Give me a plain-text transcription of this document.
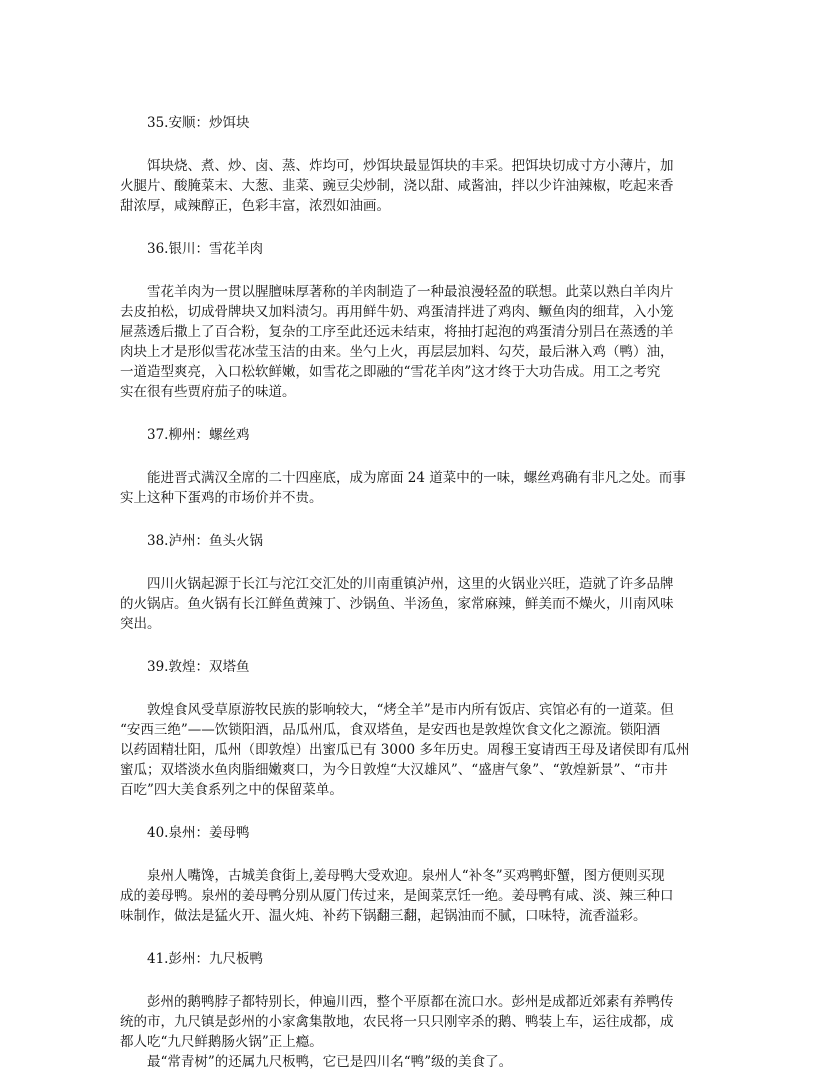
35.安顺：炒饵块
饵块烧、煮、炒、卤、蒸、炸均可，炒饵块最显饵块的丰采。把饵块切成寸方小薄片，加
火腿片、酸腌菜末、大葱、韭菜、豌豆尖炒制，浇以甜、咸酱油，拌以少许油辣椒，吃起来香
甜浓厚，咸辣醇正，色彩丰富，浓烈如油画。
36.银川：雪花羊肉
雪花羊肉为一贯以腥膻味厚著称的羊肉制造了一种最浪漫轻盈的联想。此菜以熟白羊肉片
去皮拍松，切成骨牌块又加料渍匀。再用鲜牛奶、鸡蛋清拌进了鸡肉、鳜鱼肉的细茸，入小笼
屉蒸透后撒上了百合粉，复杂的工序至此还远未结束，将抽打起泡的鸡蛋清分别吕在蒸透的羊
肉块上才是形似雪花冰莹玉洁的由来。坐勺上火，再层层加料、勾芡，最后淋入鸡（鸭）油，
一道造型爽亮，入口松软鲜嫩，如雪花之即融的“雪花羊肉”这才终于大功告成。用工之考究
实在很有些贾府茄子的味道。
37.柳州：螺丝鸡
能进晋式满汉全席的二十四座底，成为席面 24 道菜中的一味，螺丝鸡确有非凡之处。而事
实上这种下蛋鸡的市场价并不贵。
38.泸州：鱼头火锅
四川火锅起源于长江与沱江交汇处的川南重镇泸州，这里的火锅业兴旺，造就了许多品牌
的火锅店。鱼火锅有长江鲜鱼黄辣丁、沙锅鱼、半汤鱼，家常麻辣，鲜美而不燥火，川南风味
突出。
39.敦煌：双塔鱼
敦煌食风受草原游牧民族的影响较大，“烤全羊”是市内所有饭店、宾馆必有的一道菜。但
“安西三绝”——饮锁阳酒，品瓜州瓜，食双塔鱼，是安西也是敦煌饮食文化之源流。锁阳酒
以药固精壮阳，瓜州（即敦煌）出蜜瓜已有 3000 多年历史。周穆王宴请西王母及诸侯即有瓜州
蜜瓜；双塔淡水鱼肉脂细嫩爽口，为今日敦煌“大汉雄风”、“盛唐气象”、“敦煌新景”、“市井
百吃”四大美食系列之中的保留菜单。
40.泉州：姜母鸭
泉州人嘴馋，古城美食街上,姜母鸭大受欢迎。泉州人“补冬”买鸡鸭虾蟹，图方便则买现
成的姜母鸭。泉州的姜母鸭分别从厦门传过来，是闽菜烹饪一绝。姜母鸭有咸、淡、辣三种口
味制作，做法是猛火开、温火炖、补药下锅翻三翻，起锅油而不腻，口味特，流香溢彩。
41.彭州：九尺板鸭
彭州的鹅鸭脖子都特别长，伸遍川西，整个平原都在流口水。彭州是成都近郊素有养鸭传
统的市，九尺镇是彭州的小家禽集散地，农民将一只只刚宰杀的鹅、鸭装上车，运往成都，成
都人吃“九尺鲜鹅肠火锅”正上瘾。
最“常青树”的还属九尺板鸭，它已是四川名“鸭”级的美食了。
